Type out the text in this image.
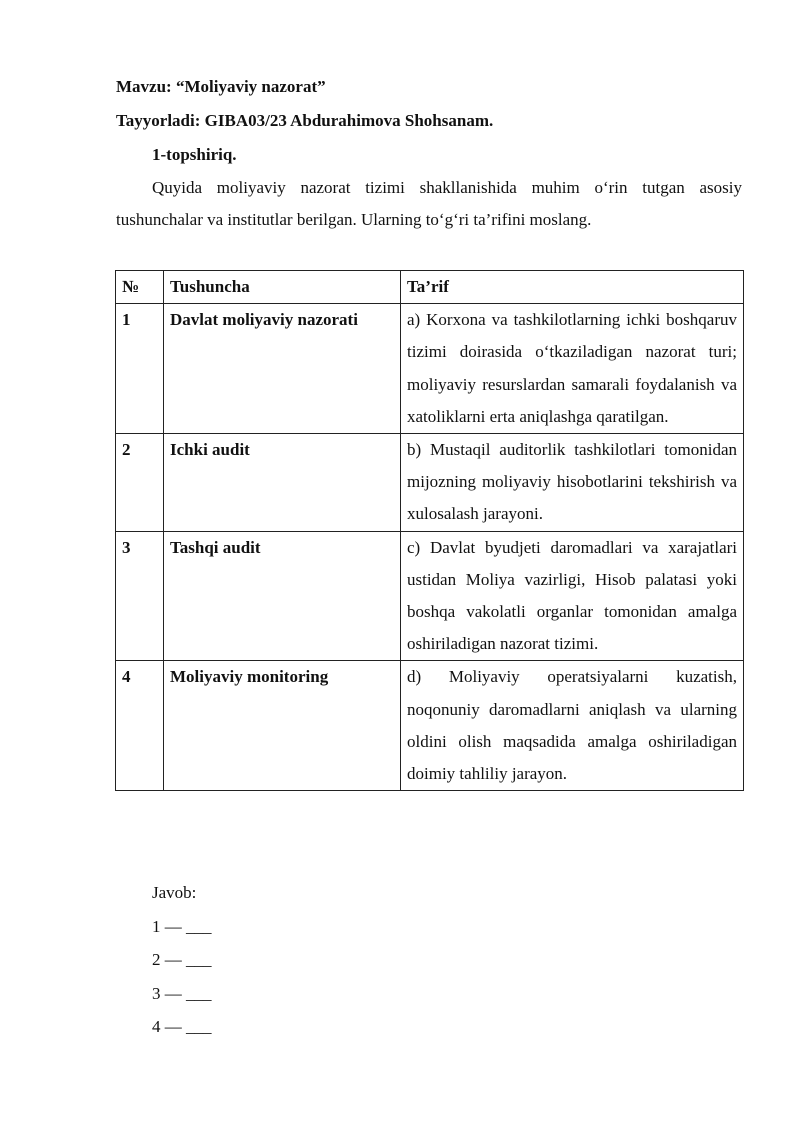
Mavzu: “Moliyaviy nazorat”
Tayyorladi: GIBA03/23 Abdurahimova Shohsanam.
1-topshiriq.

Quyida moliyaviy nazorat tizimi shakllanishida muhim o‘rin tutgan asosiy tushunchalar va institutlar berilgan. Ularning to‘g‘ri ta’rifini moslang.

№	Tushuncha	Ta’rif
1	Davlat moliyaviy nazorati	a) Korxona va tashkilotlarning ichki boshqaruv tizimi doirasida o‘tkaziladigan nazorat turi; moliyaviy resurslardan samarali foydalanish va xatoliklarni erta aniqlashga qaratilgan.
2	Ichki audit	b) Mustaqil auditorlik tashkilotlari tomonidan mijozning moliyaviy hisobotlarini tekshirish va xulosalash jarayoni.
3	Tashqi audit	c) Davlat byudjeti daromadlari va xarajatlari ustidan Moliya vazirligi, Hisob palatasi yoki boshqa vakolatli organlar tomonidan amalga oshiriladigan nazorat tizimi.
4	Moliyaviy monitoring	d) Moliyaviy operatsiyalarni kuzatish, noqonuniy daromadlarni aniqlash va ularning oldini olish maqsadida amalga oshiriladigan doimiy tahliliy jarayon.
Javob:
1 — ___
2 — ___
3 — ___
4 — ___
